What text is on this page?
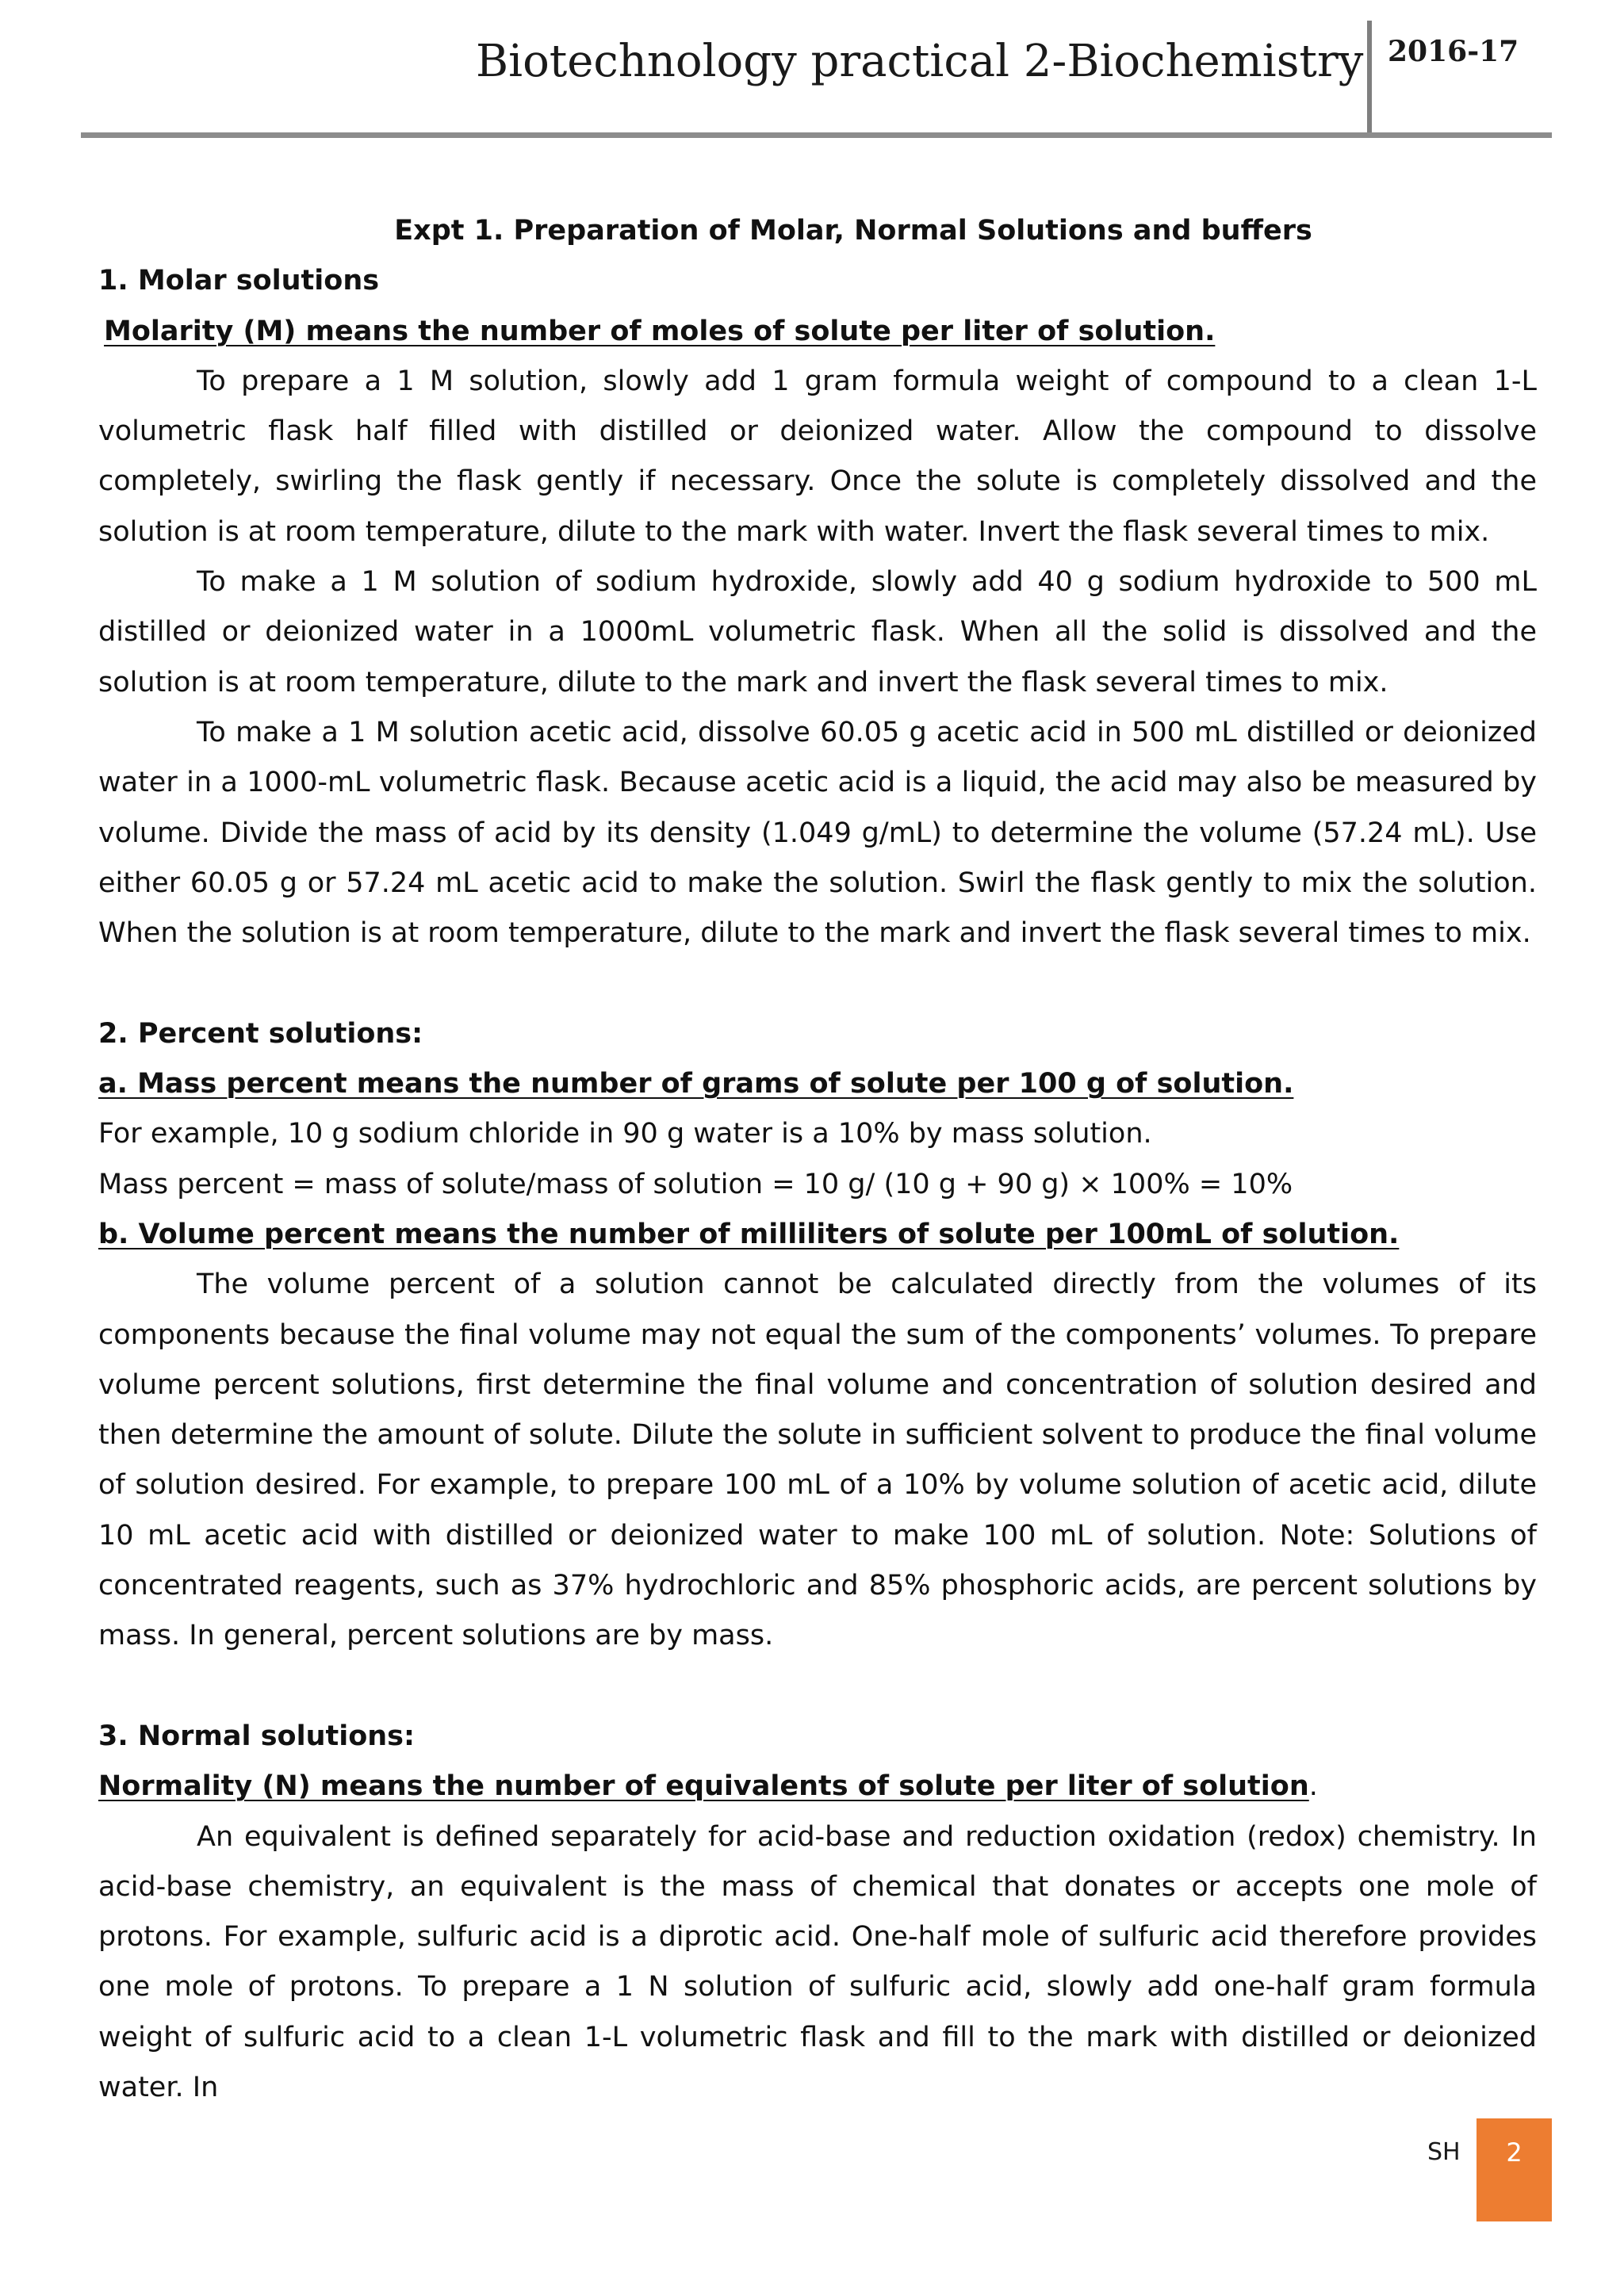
Biotechnology practical 2-Biochemistry 2016-17

Expt 1. Preparation of Molar, Normal Solutions and buffers

1. Molar solutions

Molarity (M) means the number of moles of solute per liter of solution.

To prepare a 1 M solution, slowly add 1 gram formula weight of compound to a clean 1-L volumetric flask half filled with distilled or deionized water. Allow the compound to dissolve completely, swirling the flask gently if necessary. Once the solute is completely dissolved and the solution is at room temperature, dilute to the mark with water. Invert the flask several times to mix.

To make a 1 M solution of sodium hydroxide, slowly add 40 g sodium hydroxide to 500 mL distilled or deionized water in a 1000mL volumetric flask. When all the solid is dissolved and the solution is at room temperature, dilute to the mark and invert the flask several times to mix.

To make a 1 M solution acetic acid, dissolve 60.05 g acetic acid in 500 mL distilled or deionized water in a 1000-mL volumetric flask. Because acetic acid is a liquid, the acid may also be measured by volume. Divide the mass of acid by its density (1.049 g/mL) to determine the volume (57.24 mL). Use either 60.05 g or 57.24 mL acetic acid to make the solution. Swirl the flask gently to mix the solution. When the solution is at room temperature, dilute to the mark and invert the flask several times to mix.

2. Percent solutions:

a. Mass percent means the number of grams of solute per 100 g of solution.

For example, 10 g sodium chloride in 90 g water is a 10% by mass solution.

Mass percent = mass of solute/mass of solution = 10 g/ (10 g + 90 g) × 100% = 10%

b. Volume percent means the number of milliliters of solute per 100mL of solution.

The volume percent of a solution cannot be calculated directly from the volumes of its components because the final volume may not equal the sum of the components’ volumes. To prepare volume percent solutions, first determine the final volume and concentration of solution desired and then determine the amount of solute. Dilute the solute in sufficient solvent to produce the final volume of solution desired. For example, to prepare 100 mL of a 10% by volume solution of acetic acid, dilute 10 mL acetic acid with distilled or deionized water to make 100 mL of solution. Note: Solutions of concentrated reagents, such as 37% hydrochloric and 85% phosphoric acids, are percent solutions by mass. In general, percent solutions are by mass.

3. Normal solutions:

Normality (N) means the number of equivalents of solute per liter of solution.

An equivalent is defined separately for acid-base and reduction oxidation (redox) chemistry. In acid-base chemistry, an equivalent is the mass of chemical that donates or accepts one mole of protons. For example, sulfuric acid is a diprotic acid. One-half mole of sulfuric acid therefore provides one mole of protons. To prepare a 1 N solution of sulfuric acid, slowly add one-half gram formula weight of sulfuric acid to a clean 1-L volumetric flask and fill to the mark with distilled or deionized water. In

SH	2
